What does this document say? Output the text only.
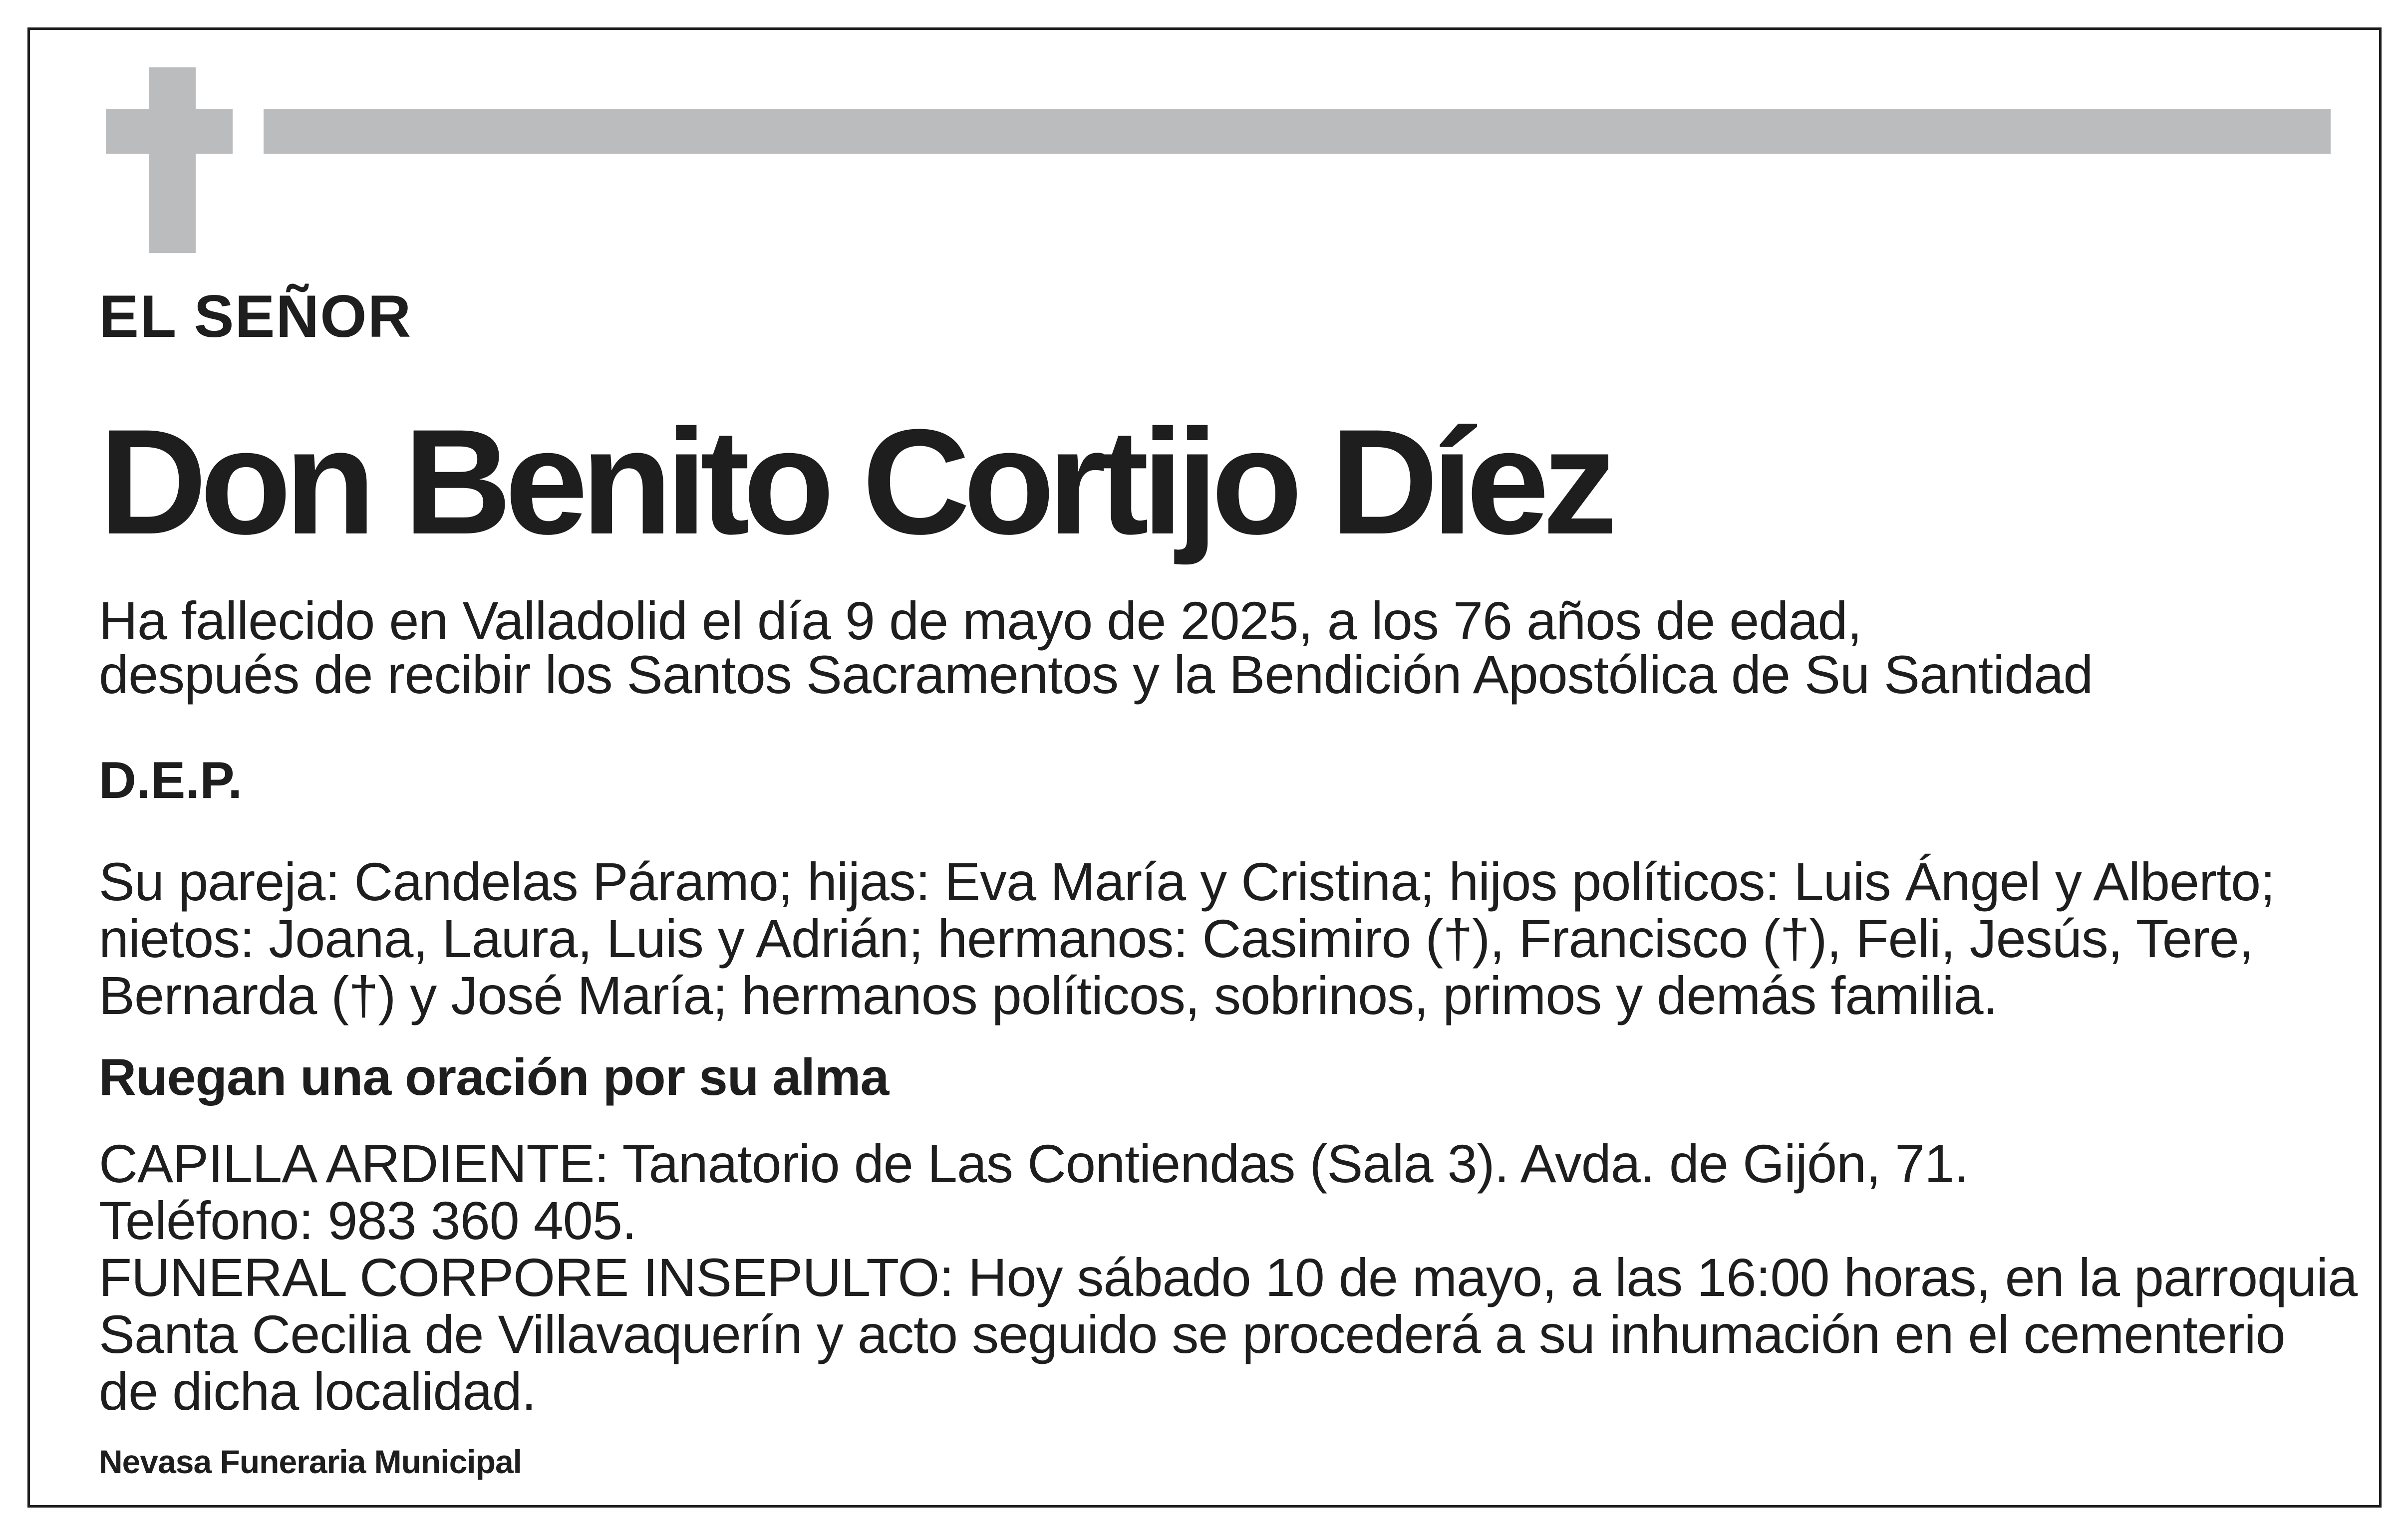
EL SEÑOR

Don Benito Cortijo Díez

Ha fallecido en Valladolid el día 9 de mayo de 2025, a los 76 años de edad,
después de recibir los Santos Sacramentos y la Bendición Apostólica de Su Santidad

D.E.P.

Su pareja: Candelas Páramo; hijas: Eva María y Cristina; hijos políticos: Luis Ángel y Alberto;
nietos: Joana, Laura, Luis y Adrián; hermanos: Casimiro (†), Francisco (†), Feli, Jesús, Tere,
Bernarda (†) y José María; hermanos políticos, sobrinos, primos y demás familia.

Ruegan una oración por su alma

CAPILLA ARDIENTE: Tanatorio de Las Contiendas (Sala 3). Avda. de Gijón, 71.
Teléfono: 983 360 405.
FUNERAL CORPORE INSEPULTO: Hoy sábado 10 de mayo, a las 16:00 horas, en la parroquia
Santa Cecilia de Villavaquerín y acto seguido se procederá a su inhumación en el cementerio
de dicha localidad.

Nevasa Funeraria Municipal
